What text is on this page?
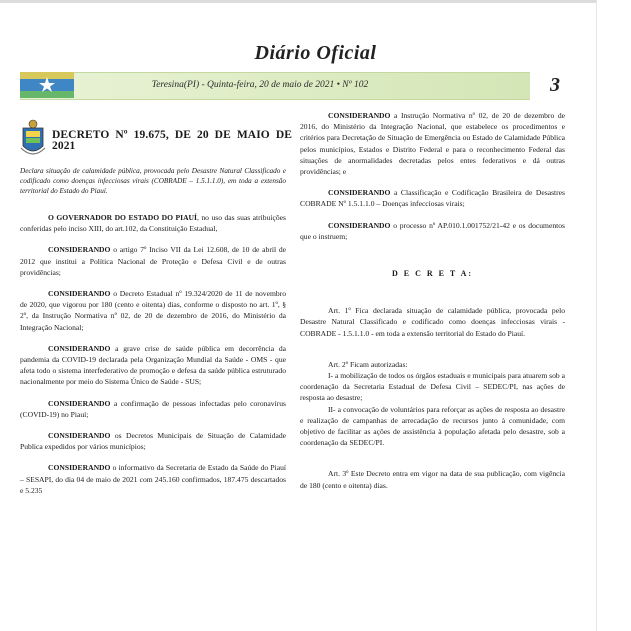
Diário Oficial
Teresina(PI) - Quinta-feira, 20 de maio de 2021 • Nº 102	3
DECRETO Nº 19.675, DE 20 DE MAIO DE 2021

Declara situação de calamidade pública, provocada pelo Desastre Natural Classificado e codificado como doenças infecciosas virais (COBRADE – 1.5.1.1.0), em toda a extensão territorial do Estado do Piauí.

O GOVERNADOR DO ESTADO DO PIAUÍ, no uso das suas atribuições conferidas pelo inciso XIII, do art.102, da Constituição Estadual,

CONSIDERANDO o artigo 7º Inciso VII da Lei 12.608, de 10 de abril de 2012 que institui a Política Nacional de Proteção e Defesa Civil e de outras providências;

CONSIDERANDO o Decreto Estadual nº 19.324/2020 de 11 de novembro de 2020, que vigorou por 180 (cento e oitenta) dias, conforme o disposto no art. 1º, § 2º, da Instrução Normativa nº 02, de 20 de dezembro de 2016, do Ministério da Integração Nacional;

CONSIDERANDO a grave crise de saúde pública em decorrência da pandemia da COVID-19 declarada pela Organização Mundial da Saúde - OMS - que afeta todo o sistema interfederativo de promoção e defesa da saúde pública estruturado nacionalmente por meio do Sistema Único de Saúde - SUS;

CONSIDERANDO a confirmação de pessoas infectadas pelo coronavírus (COVID-19) no Piauí;

CONSIDERANDO os Decretos Municipais de Situação de Calamidade Publica expedidos por vários municípios;

CONSIDERANDO o informativo da Secretaria de Estado da Saúde do Piauí – SESAPI, do dia 04 de maio de 2021 com 245.160 confirmados, 187.475 descartados e 5.235

CONSIDERANDO a Instrução Normativa nº 02, de 20 de dezembro de 2016, do Ministério da Integração Nacional, que estabelece os procedimentos e critérios para Decretação de Situação de Emergência ou Estado de Calamidade Pública pelos municípios, Estados e Distrito Federal e para o reconhecimento Federal das situações de anormalidades decretadas pelos entes federativos e dá outras providências; e

CONSIDERANDO a Classificação e Codificação Brasileira de Desastres COBRADE Nº 1.5.1.1.0 – Doenças infecciosas virais;

CONSIDERANDO o processo nº AP.010.1.001752/21-42 e os documentos que o instruem;

D E C R E T A:

Art. 1º Fica declarada situação de calamidade pública, provocada pelo Desastre Natural Classificado e codificado como doenças infecciosas virais - COBRADE - 1.5.1.1.0 - em toda a extensão territorial do Estado do Piauí.

Art. 2º Ficam autorizadas:

I- a mobilização de todos os órgãos estaduais e municipais para atuarem sob a coordenação da Secretaria Estadual de Defesa Civil – SEDEC/PI, nas ações de resposta ao desastre;

II- a convocação de voluntários para reforçar as ações de resposta ao desastre e realização de campanhas de arrecadação de recursos junto à comunidade, com objetivo de facilitar as ações de assistência à população afetada pelo desastre, sob a coordenação da SEDEC/PI.

Art. 3º Este Decreto entra em vigor na data de sua publicação, com vigência de 180 (cento e oitenta) dias.
